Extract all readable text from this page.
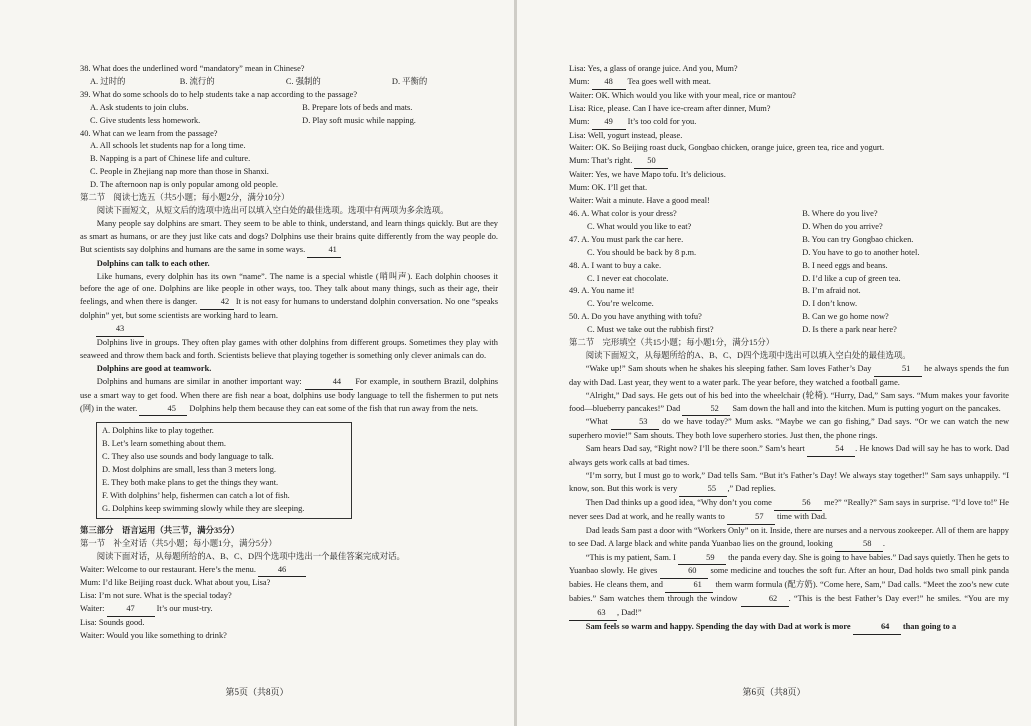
38. What does the underlined word “mandatory” mean in Chinese?
A. 过时的	B. 流行的	C. 强制的	D. 平衡的
39. What do some schools do to help students take a nap according to the passage?
A. Ask students to join clubs.	B. Prepare lots of beds and mats.
C. Give students less homework.	D. Play soft music while napping.
40. What can we learn from the passage?
A. All schools let students nap for a long time.
B. Napping is a part of Chinese life and culture.
C. People in Zhejiang nap more than those in Shanxi.
D. The afternoon nap is only popular among old people.
第二节　阅读七选五（共5小题；每小题2分，满分10分）
阅读下面短文，从短文后的选项中选出可以填入空白处的最佳选项。选项中有两项为多余选项。
Many people say dolphins are smart. They seem to be able to think, understand, and learn things quickly. But are they as smart as humans, or are they just like cats and dogs? Dolphins use their brains quite differently from the way people do. But scientists say dolphins and humans are the same in some ways.	41
Dolphins can talk to each other.
Like humans, every dolphin has its own “name”. The name is a special whistle (哨叫声). Each dolphin chooses it before the age of one. Dolphins are like people in other ways, too. They talk about many things, such as their age, their feelings, and when there is danger.	42 It is not easy for humans to understand dolphin conversation. No one “speaks dolphin” yet, but some scientists are working hard to learn.
43
Dolphins live in groups. They often play games with other dolphins from different groups. Sometimes they play with seaweed and throw them back and forth. Scientists believe that playing together is something only clever animals can do.
Dolphins are good at teamwork.
Dolphins and humans are similar in another important way:	44 For example, in southern Brazil, dolphins use a smart way to get food. When there are fish near a boat, dolphins use body language to tell the fishermen to put nets (网) in the water.	45 Dolphins help them because they can eat some of the fish that run away from the nets.
A. Dolphins like to play together.
B. Let’s learn something about them.
C. They also use sounds and body language to talk.
D. Most dolphins are small, less than 3 meters long.
E. They both make plans to get the things they want.
F. With dolphins’ help, fishermen can catch a lot of fish.
G. Dolphins keep swimming slowly while they are sleeping.
第三部分　语言运用（共三节，满分35分）
第一节　补全对话（共5小题；每小题1分，满分5分）
阅读下面对话，从每题所给的A、B、C、D四个选项中选出一个最佳答案完成对话。
Waiter: Welcome to our restaurant. Here’s the menu.	46
Mum: I’d like Beijing roast duck. What about you, Lisa?
Lisa: I’m not sure. What is the special today?
Waiter:	47	It’s our must-try.
Lisa: Sounds good.
Waiter: Would you like something to drink?
第5页（共8页）
Lisa: Yes, a glass of orange juice. And you, Mum?
Mum: 48 Tea goes well with meat.
Waiter: OK. Which would you like with your meal, rice or mantou?
Lisa: Rice, please. Can I have ice-cream after dinner, Mum?
Mum: 49 It’s too cold for you.
Lisa: Well, yogurt instead, please.
Waiter: OK. So Beijing roast duck, Gongbao chicken, orange juice, green tea, rice and yogurt.
Mum: That’s right. 50
Waiter: Yes, we have Mapo tofu. It’s delicious.
Mum: OK. I’ll get that.
Waiter: Wait a minute. Have a good meal!
46. A. What color is your dress?	B. Where do you live?
C. What would you like to eat?	D. When do you arrive?
47. A. You must park the car here.	B. You can try Gongbao chicken.
C. You should be back by 8 p.m.	D. You have to go to another hotel.
48. A. I want to buy a cake.	B. I need eggs and beans.
C. I never eat chocolate.	D. I’d like a cup of green tea.
49. A. You name it!	B. I’m afraid not.
C. You’re welcome.	D. I don’t know.
50. A. Do you have anything with tofu?	B. Can we go home now?
C. Must we take out the rubbish first?	D. Is there a park near here?
第二节　完形填空（共15小题；每小题1分，满分15分）
阅读下面短文，从每题所给的A、B、C、D四个选项中选出可以填入空白处的最佳选项。
“Wake up!” Sam shouts when he shakes his sleeping father. Sam loves Father’s Day	51 he always spends the fun day with Dad. Last year, they went to a water park. The year before, they watched a football game.
“Alright,” Dad says. He gets out of his bed into the wheelchair (轮椅). “Hurry, Dad,” Sam says. “Mum makes your favorite food—blueberry pancakes!” Dad	52 Sam down the hall and into the kitchen. Mum is putting yogurt on the pancakes.
“What	53 do we have today?” Mum asks. “Maybe we can go fishing,” Dad says. “Or we can watch the new superhero movie!” Sam shouts. They both love superhero stories. Just then, the phone rings.
Sam hears Dad say, “Right now? I’ll be there soon.” Sam’s heart	54 . He knows Dad will say he has to work. Dad always gets work calls at bad times.
“I’m sorry, but I must go to work,” Dad tells Sam. “But it’s Father’s Day! We always stay together!” Sam says unhappily. “I know, son. But this work is very	55 ,” Dad replies.
Then Dad thinks up a good idea, “Why don’t you come	56 me?” “Really?” Sam says in surprise. “I’d love to!” He never sees Dad at work, and he really wants to	57 time with Dad.
Dad leads Sam past a door with “Workers Only” on it. Inside, there are nurses and a nervous zookeeper. All of them are happy to see Dad. A large black and white panda Yuanbao lies on the ground, looking	58 .
“This is my patient, Sam. I	59 the panda every day. She is going to have babies.” Dad says quietly. Then he gets to Yuanbao slowly. He gives	60 some medicine and touches the soft fur. After an hour, Dad holds two small pink panda babies. He cleans them, and	61 them warm formula (配方奶). “Come here, Sam,” Dad calls. “Meet the zoo’s new cute babies.” Sam watches them through the window	62 . “This is the best Father’s Day ever!” he smiles. “You are my 63 , Dad!”
Sam feels so warm and happy. Spending the day with Dad at work is more	64 than going to a
第6页（共8页）
